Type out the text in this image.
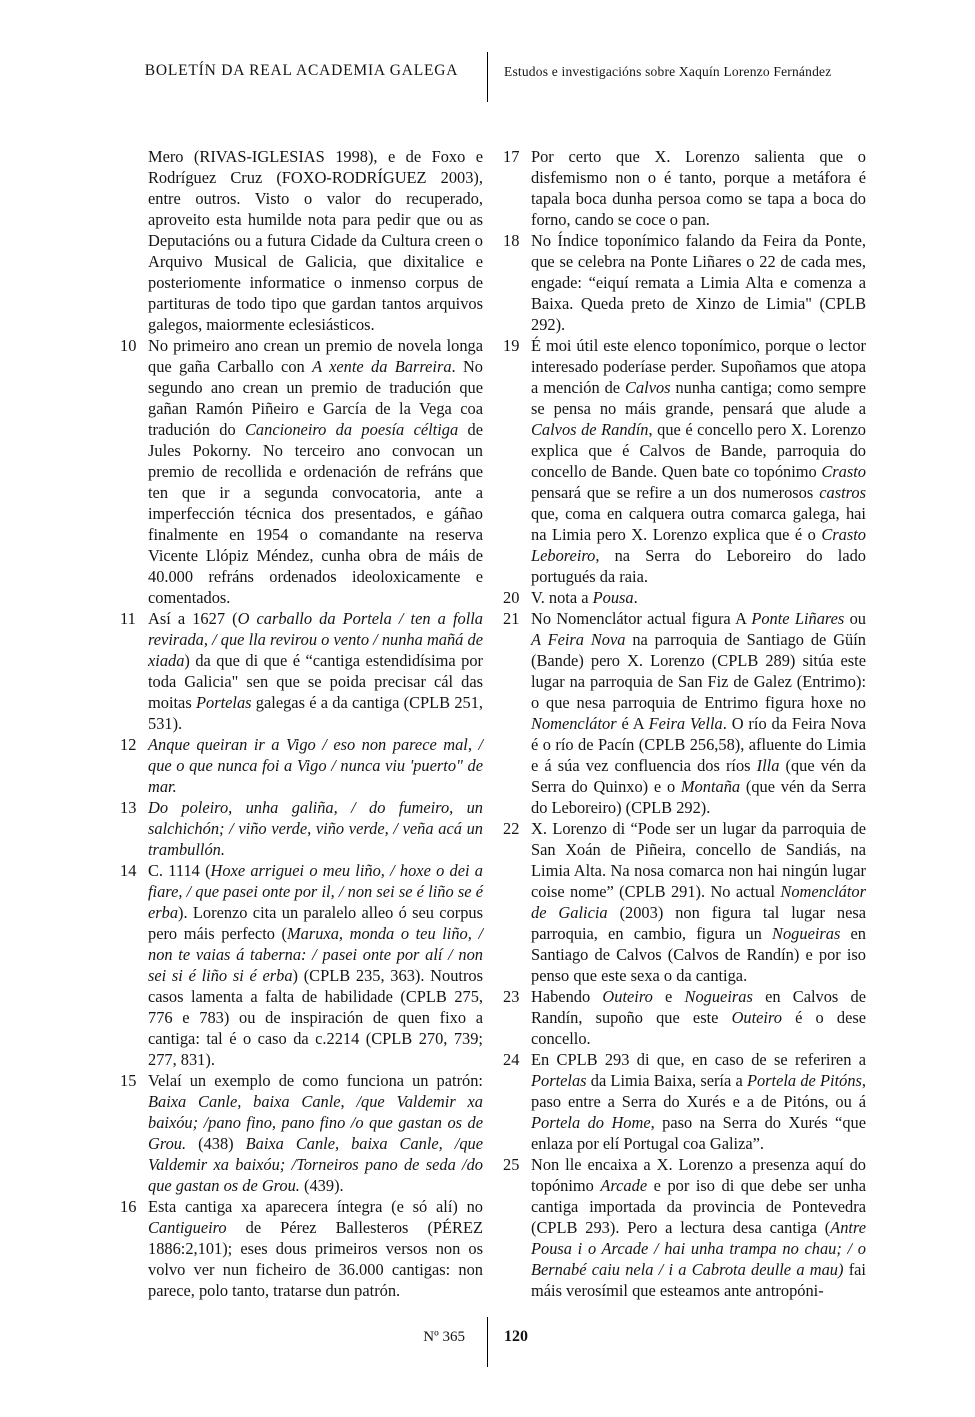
BOLETÍN DA REAL ACADEMIA GALEGA	Estudos e investigacións sobre Xaquín Lorenzo Fernández

Mero (RIVAS-IGLESIAS 1998), e de Foxo e Rodríguez Cruz (FOXO-RODRÍGUEZ 2003), entre outros. Visto o valor do recuperado, aproveito esta humilde nota para pedir que ou as Deputacións ou a futura Cidade da Cultura creen o Arquivo Musical de Galicia, que dixitalice e posteriomente informatice o inmenso corpus de partituras de todo tipo que gardan tantos arquivos galegos, maiormente eclesiásticos.

10 No primeiro ano crean un premio de novela longa que gaña Carballo con A xente da Barreira. No segundo ano crean un premio de tradución que gañan Ramón Piñeiro e García de la Vega coa tradución do Cancioneiro da poesía céltiga de Jules Pokorny. No terceiro ano convocan un premio de recollida e ordenación de refráns que ten que ir a segunda convocatoria, ante a imperfección técnica dos presentados, e gáñao finalmente en 1954 o comandante na reserva Vicente Llópiz Méndez, cunha obra de máis de 40.000 refráns ordenados ideoloxicamente e comentados.
11 Así a 1627 (O carballo da Portela / ten a folla revirada, / que lla revirou o vento / nunha mañá de xiada) da que di que é “cantiga estendidísima por toda Galicia" sen que se poida precisar cál das moitas Portelas galegas é a da cantiga (CPLB 251, 531).
12 Anque queiran ir a Vigo / eso non parece mal, / que o que nunca foi a Vigo / nunca viu 'puerto" de mar.
13 Do poleiro, unha galiña, / do fumeiro, un salchichón; / viño verde, viño verde, / veña acá un trambullón.
14 C. 1114 (Hoxe arriguei o meu liño, / hoxe o dei a fiare, / que pasei onte por il, / non sei se é liño se é erba). Lorenzo cita un paralelo alleo ó seu corpus pero máis perfecto (Maruxa, monda o teu liño, / non te vaias á taberna: / pasei onte por alí / non sei si é liño si é erba) (CPLB 235, 363). Noutros casos lamenta a falta de habilidade (CPLB 275, 776 e 783) ou de inspiración de quen fixo a cantiga: tal é o caso da c.2214 (CPLB 270, 739; 277, 831).
15 Velaí un exemplo de como funciona un patrón: Baixa Canle, baixa Canle, /que Valdemir xa baixóu; /pano fino, pano fino /o que gastan os de Grou. (438) Baixa Canle, baixa Canle, /que Valdemir xa baixóu; /Torneiros pano de seda /do que gastan os de Grou. (439).
16 Esta cantiga xa aparecera íntegra (e só alí) no Cantigueiro de Pérez Ballesteros (PÉREZ 1886:2,101); eses dous primeiros versos non os volvo ver nun ficheiro de 36.000 cantigas: non parece, polo tanto, tratarse dun patrón.
17 Por certo que X. Lorenzo salienta que o disfemismo non o é tanto, porque a metáfora é tapala boca dunha persoa como se tapa a boca do forno, cando se coce o pan.
18 No Índice toponímico falando da Feira da Ponte, que se celebra na Ponte Liñares o 22 de cada mes, engade: “eiquí remata a Limia Alta e comenza a Baixa. Queda preto de Xinzo de Limia" (CPLB 292).
19 É moi útil este elenco toponímico, porque o lector interesado poderíase perder. Supoñamos que atopa a mención de Calvos nunha cantiga; como sempre se pensa no máis grande, pensará que alude a Calvos de Randín, que é concello pero X. Lorenzo explica que é Calvos de Bande, parroquia do concello de Bande. Quen bate co topónimo Crasto pensará que se refire a un dos numerosos castros que, coma en calquera outra comarca galega, hai na Limia pero X. Lorenzo explica que é o Crasto Leboreiro, na Serra do Leboreiro do lado portugués da raia.
20 V. nota a Pousa.
21 No Nomenclátor actual figura A Ponte Liñares ou A Feira Nova na parroquia de Santiago de Güín (Bande) pero X. Lorenzo (CPLB 289) sitúa este lugar na parroquia de San Fiz de Galez (Entrimo): o que nesa parroquia de Entrimo figura hoxe no Nomenclátor é A Feira Vella. O río da Feira Nova é o río de Pacín (CPLB 256,58), afluente do Limia e á súa vez confluencia dos ríos Illa (que vén da Serra do Quinxo) e o Montaña (que vén da Serra do Leboreiro) (CPLB 292).
22 X. Lorenzo di “Pode ser un lugar da parroquia de San Xoán de Piñeira, concello de Sandiás, na Limia Alta. Na nosa comarca non hai ningún lugar coise nome” (CPLB 291). No actual Nomenclátor de Galicia (2003) non figura tal lugar nesa parroquia, en cambio, figura un Nogueiras en Santiago de Calvos (Calvos de Randín) e por iso penso que este sexa o da cantiga.
23 Habendo Outeiro e Nogueiras en Calvos de Randín, supoño que este Outeiro é o dese concello.
24 En CPLB 293 di que, en caso de se referiren a Portelas da Limia Baixa, sería a Portela de Pitóns, paso entre a Serra do Xurés e a de Pitóns, ou á Portela do Home, paso na Serra do Xurés “que enlaza por elí Portugal coa Galiza”.
25 Non lle encaixa a X. Lorenzo a presenza aquí do topónimo Arcade e por iso di que debe ser unha cantiga importada da provincia de Pontevedra (CPLB 293). Pero a lectura desa cantiga (Antre Pousa i o Arcade / hai unha trampa no chau; / o Bernabé caiu nela / i a Cabrota deulle a mau) fai máis verosímil que esteamos ante antropóni-
Nº 365 120
